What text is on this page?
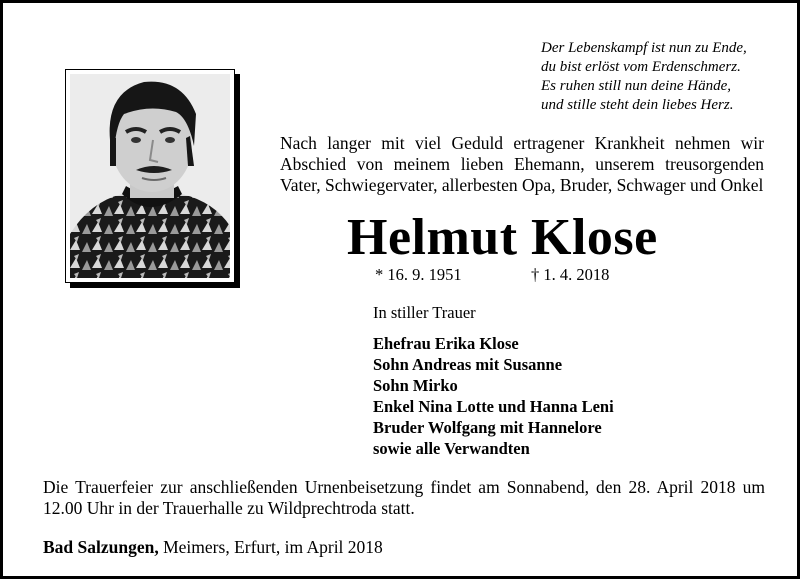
Der Lebenskampf ist nun zu Ende,
du bist erlöst vom Erdenschmerz.
Es ruhen still nun deine Hände,
und stille steht dein liebes Herz.
Nach langer mit viel Geduld ertragener Krankheit nehmen wir Abschied von meinem lieben Ehemann, unserem treusorgenden Vater, Schwiegervater, allerbesten Opa, Bruder, Schwager und Onkel
Helmut Klose
* 16. 9. 1951	† 1. 4. 2018
In stiller Trauer
Ehefrau Erika Klose
Sohn Andreas mit Susanne
Sohn Mirko
Enkel Nina Lotte und Hanna Leni
Bruder Wolfgang mit Hannelore
sowie alle Verwandten
Die Trauerfeier zur anschließenden Urnenbeisetzung findet am Sonnabend, den 28. April 2018 um 12.00 Uhr in der Trauerhalle zu Wildprechtroda statt.
Bad Salzungen, Meimers, Erfurt, im April 2018
